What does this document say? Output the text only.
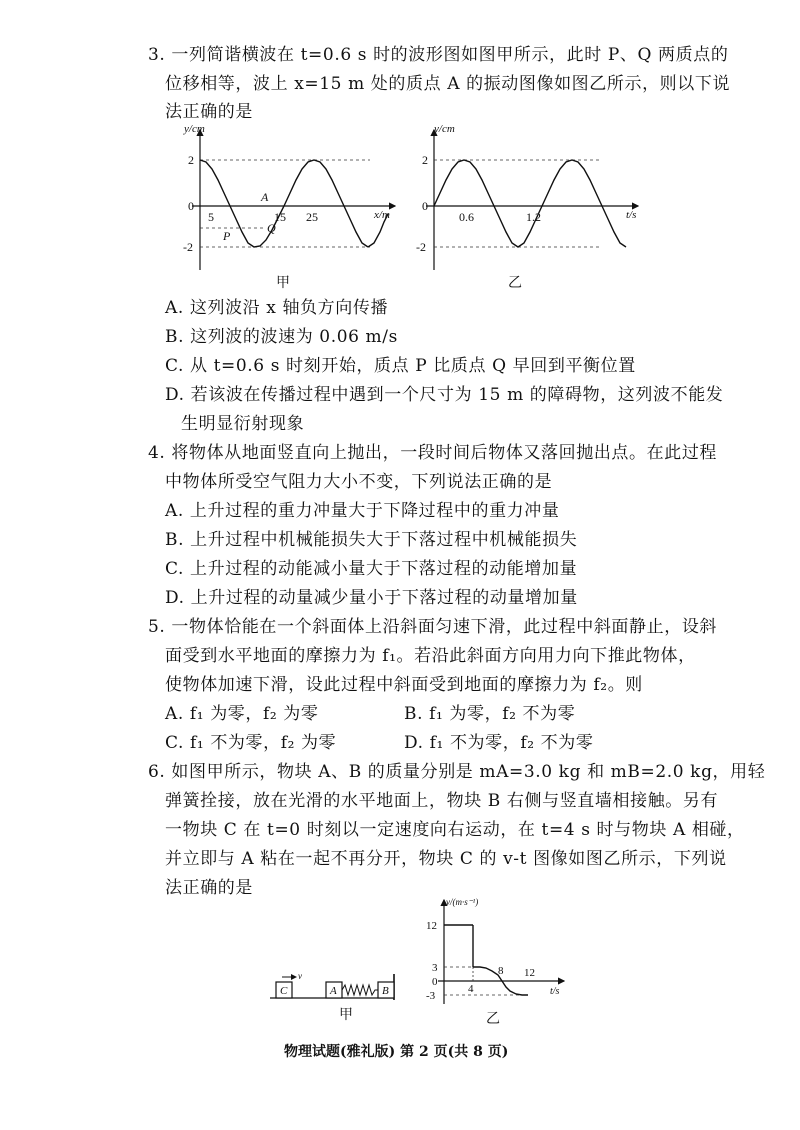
3. 一列简谐横波在 t=0.6 s 时的波形图如图甲所示，此时 P、Q 两质点的
位移相等，波上 x=15 m 处的质点 A 的振动图像如图乙所示，则以下说
法正确的是
y/cm
x/m
2
0
-2
5	15 25
A
P
Q
甲
y/cm
t/s
2
0
-2
0.6	1.2
乙
A. 这列波沿 x 轴负方向传播
B. 这列波的波速为 0.06 m/s
C. 从 t=0.6 s 时刻开始，质点 P 比质点 Q 早回到平衡位置
D. 若该波在传播过程中遇到一个尺寸为 15 m 的障碍物，这列波不能发
生明显衍射现象
4. 将物体从地面竖直向上抛出，一段时间后物体又落回抛出点。在此过程
中物体所受空气阻力大小不变，下列说法正确的是
A. 上升过程的重力冲量大于下降过程中的重力冲量
B. 上升过程中机械能损失大于下落过程中机械能损失
C. 上升过程的动能减小量大于下落过程的动能增加量
D. 上升过程的动量减少量小于下落过程的动量增加量
5. 一物体恰能在一个斜面体上沿斜面匀速下滑，此过程中斜面静止，设斜
面受到水平地面的摩擦力为 f₁。若沿此斜面方向用力向下推此物体，
使物体加速下滑，设此过程中斜面受到地面的摩擦力为 f₂。则
A. f₁ 为零，f₂ 为零	B. f₁ 为零，f₂ 不为零
C. f₁ 不为零，f₂ 为零	D. f₁ 不为零，f₂ 不为零
6. 如图甲所示，物块 A、B 的质量分别是 mA=3.0 kg 和 mB=2.0 kg，用轻
弹簧拴接，放在光滑的水平地面上，物块 B 右侧与竖直墙相接触。另有
一物块 C 在 t=0 时刻以一定速度向右运动，在 t=4 s 时与物块 A 相碰，
并立即与 A 粘在一起不再分开，物块 C 的 v-t 图像如图乙所示，下列说
法正确的是
C
v
A	B
甲
v/(m·s⁻¹)
t/s
12
3
0
-3
4
8 12
乙
物理试题(雅礼版) 第 2 页(共 8 页)
